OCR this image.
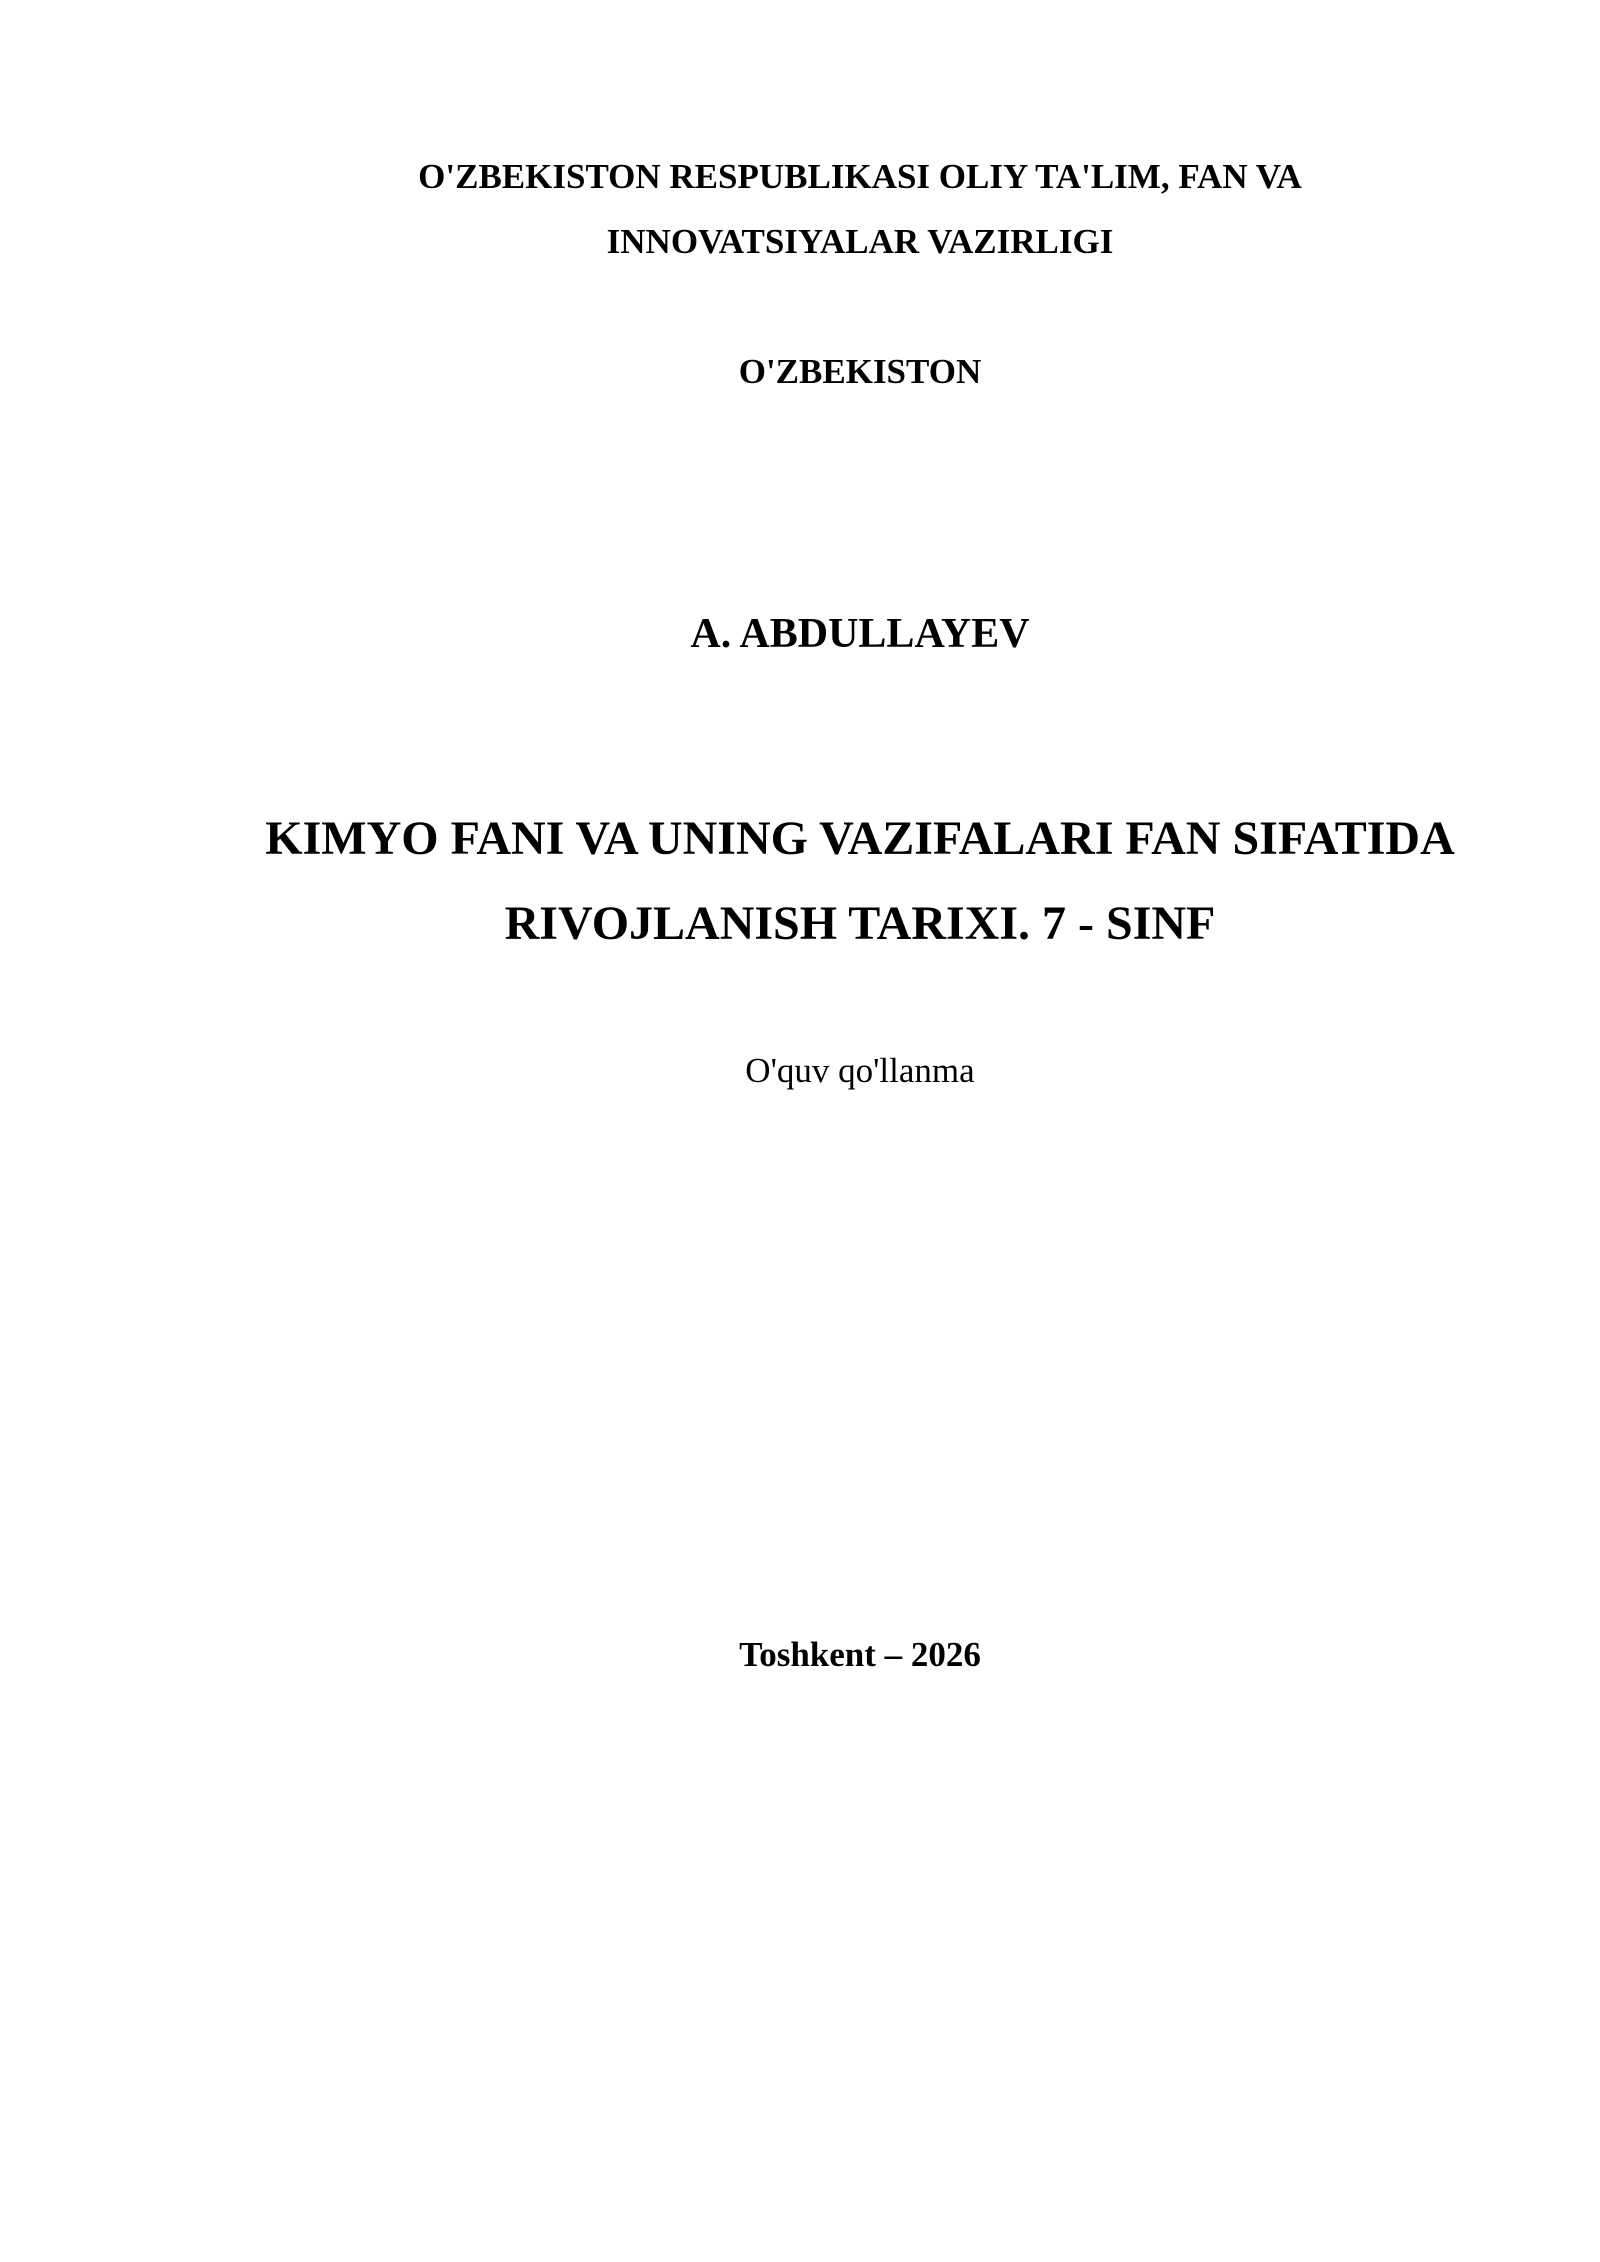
O'ZBEKISTON RESPUBLIKASI OLIY TA'LIM, FAN VA
INNOVATSIYALAR VAZIRLIGI
O'ZBEKISTON
A. ABDULLAYEV
KIMYO FANI VA UNING VAZIFALARI FAN SIFATIDA
RIVOJLANISH TARIXI. 7 - SINF
O'quv qo'llanma
Toshkent – 2026
